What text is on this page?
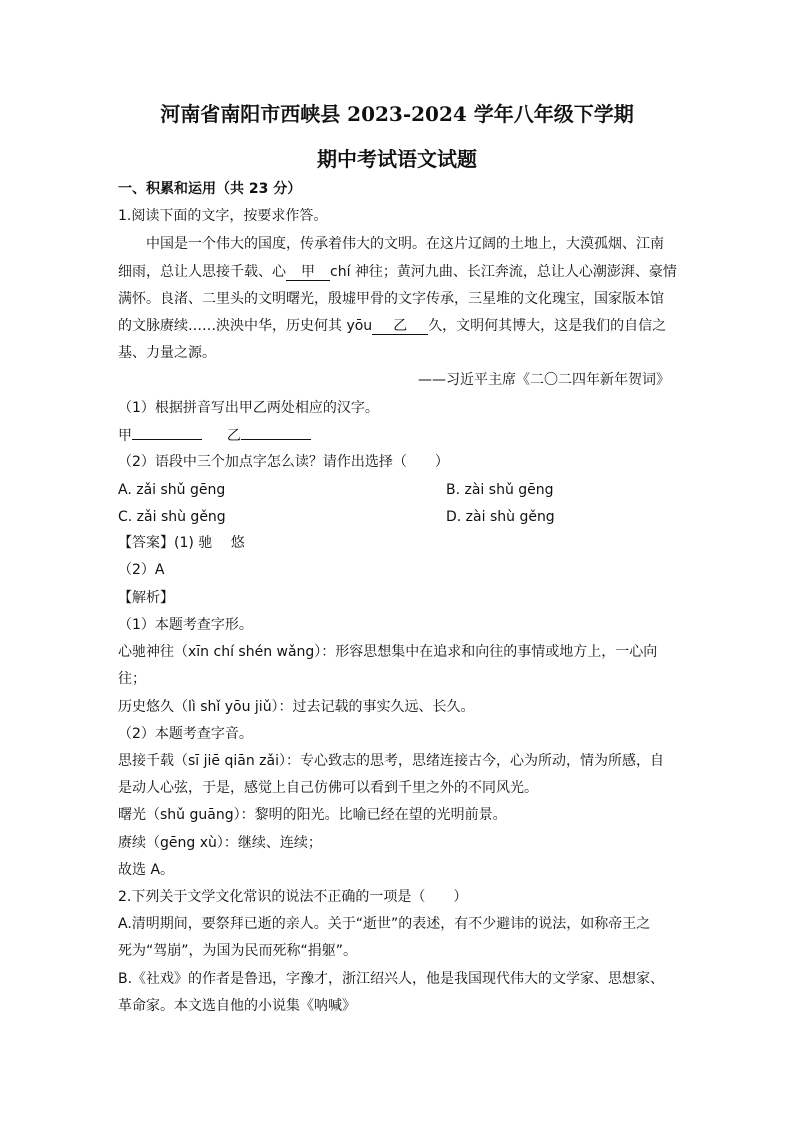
河南省南阳市西峡县 2023-2024 学年八年级下学期
期中考试语文试题
一、积累和运用（共 23 分）
1.阅读下面的文字，按要求作答。
中国是一个伟大的国度，传承着伟大的文明。在这片辽阔的土地上，大漠孤烟、江南
细雨，总让人思接千载、心 甲 chí 神往；黄河九曲、长江奔流，总让人心潮澎湃、豪情
满怀。良渚、二里头的文明曙光，殷墟甲骨的文字传承，三星堆的文化瑰宝，国家版本馆
的文脉赓续……泱泱中华，历史何其 yōu 乙 久，文明何其博大，这是我们的自信之
基、力量之源。
——习近平主席《二〇二四年新年贺词》
（1）根据拼音写出甲乙两处相应的汉字。
甲	乙
（2）语段中三个加点字怎么读？请作出选择（　　）
A. zǎi shǔ gēng	B. zài shǔ gēng
C. zǎi shù gěng	D. zài shù gěng
【答案】(1) 驰　 悠
（2）A
【解析】
（1）本题考查字形。
心驰神往（xīn chí shén wǎng）：形容思想集中在追求和向往的事情或地方上，一心向
往；
历史悠久（lì shǐ yōu jiǔ）：过去记载的事实久远、长久。
（2）本题考查字音。
思接千载（sī jiē qiān zǎi）：专心致志的思考，思绪连接古今，心为所动，情为所感，自
是动人心弦，于是，感觉上自己仿佛可以看到千里之外的不同风光。
曙光（shǔ guāng）：黎明的阳光。比喻已经在望的光明前景。
赓续（gēng xù）：继续、连续；
故选 A。
2.下列关于文学文化常识的说法不正确的一项是（　　）
A.清明期间，要祭拜已逝的亲人。关于“逝世”的表述，有不少避讳的说法，如称帝王之
死为“驾崩”，为国为民而死称“捐躯”。
B.《社戏》的作者是鲁迅，字豫才，浙江绍兴人，他是我国现代伟大的文学家、思想家、
革命家。本文选自他的小说集《呐喊》
